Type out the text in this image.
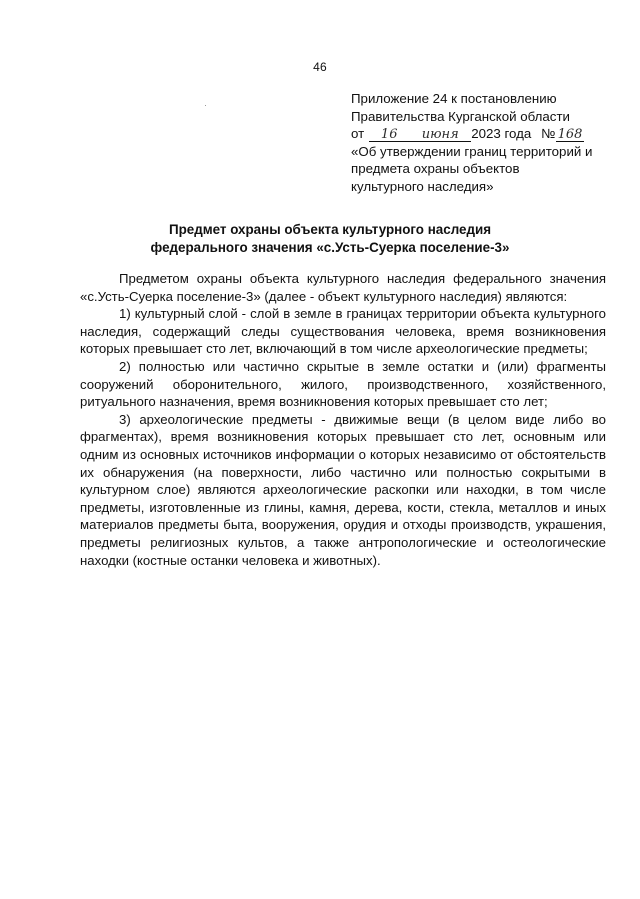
46
Приложение 24 к постановлению
Правительства Курганской области
от	16	июня 2023 года № 168
«Об утверждении границ территорий и
предмета охраны объектов
культурного наследия»
Предмет охраны объекта культурного наследия
федерального значения «с.Усть-Суерка поселение-3»

Предметом охраны объекта культурного наследия федерального значения «с.Усть-Суерка поселение-3» (далее - объект культурного наследия) являются:

1) культурный слой - слой в земле в границах территории объекта культурного наследия, содержащий следы существования человека, время возникновения которых превышает сто лет, включающий в том числе археологические предметы;

2) полностью или частично скрытые в земле остатки и (или) фрагменты сооружений оборонительного, жилого, производственного, хозяйственного, ритуального назначения, время возникновения которых превышает сто лет;

3) археологические предметы - движимые вещи (в целом виде либо во фрагментах), время возникновения которых превышает сто лет, основным или одним из основных источников информации о которых независимо от обстоятельств их обнаружения (на поверхности, либо частично или полностью сокрытыми в культурном слое) являются археологические раскопки или находки, в том числе предметы, изготовленные из глины, камня, дерева, кости, стекла, металлов и иных материалов предметы быта, вооружения, орудия и отходы производств, украшения, предметы религиозных культов, а также антропологические и остеологические находки (костные останки человека и животных).
